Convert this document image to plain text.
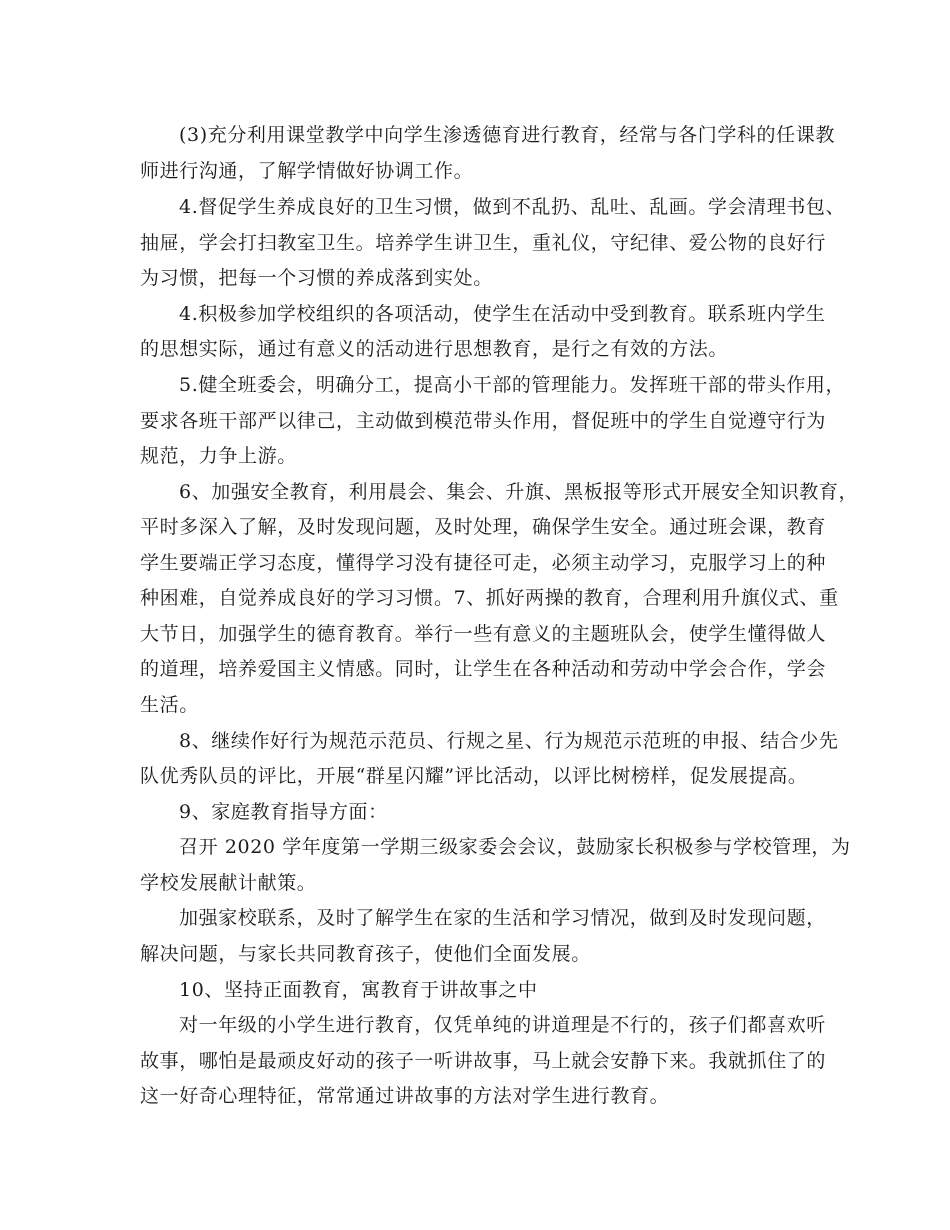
(3)充分利用课堂教学中向学生渗透德育进行教育，经常与各门学科的任课教
师进行沟通，了解学情做好协调工作。
4.督促学生养成良好的卫生习惯，做到不乱扔、乱吐、乱画。学会清理书包、
抽屉，学会打扫教室卫生。培养学生讲卫生，重礼仪，守纪律、爱公物的良好行
为习惯，把每一个习惯的养成落到实处。
4.积极参加学校组织的各项活动，使学生在活动中受到教育。联系班内学生
的思想实际，通过有意义的活动进行思想教育，是行之有效的方法。
5.健全班委会，明确分工，提高小干部的管理能力。发挥班干部的带头作用，
要求各班干部严以律己，主动做到模范带头作用，督促班中的学生自觉遵守行为
规范，力争上游。
6、加强安全教育，利用晨会、集会、升旗、黑板报等形式开展安全知识教育，
平时多深入了解，及时发现问题，及时处理，确保学生安全。通过班会课，教育
学生要端正学习态度，懂得学习没有捷径可走，必须主动学习，克服学习上的种
种困难，自觉养成良好的学习习惯。7、抓好两操的教育，合理利用升旗仪式、重
大节日，加强学生的德育教育。举行一些有意义的主题班队会，使学生懂得做人
的道理，培养爱国主义情感。同时，让学生在各种活动和劳动中学会合作，学会
生活。
8、继续作好行为规范示范员、行规之星、行为规范示范班的申报、结合少先
队优秀队员的评比，开展“群星闪耀”评比活动，以评比树榜样，促发展提高。
9、家庭教育指导方面：
召开 2020 学年度第一学期三级家委会会议，鼓励家长积极参与学校管理，为
学校发展献计献策。
加强家校联系，及时了解学生在家的生活和学习情况，做到及时发现问题，
解决问题，与家长共同教育孩子，使他们全面发展。
10、坚持正面教育，寓教育于讲故事之中
对一年级的小学生进行教育，仅凭单纯的讲道理是不行的，孩子们都喜欢听
故事，哪怕是最顽皮好动的孩子一听讲故事，马上就会安静下来。我就抓住了的
这一好奇心理特征，常常通过讲故事的方法对学生进行教育。
